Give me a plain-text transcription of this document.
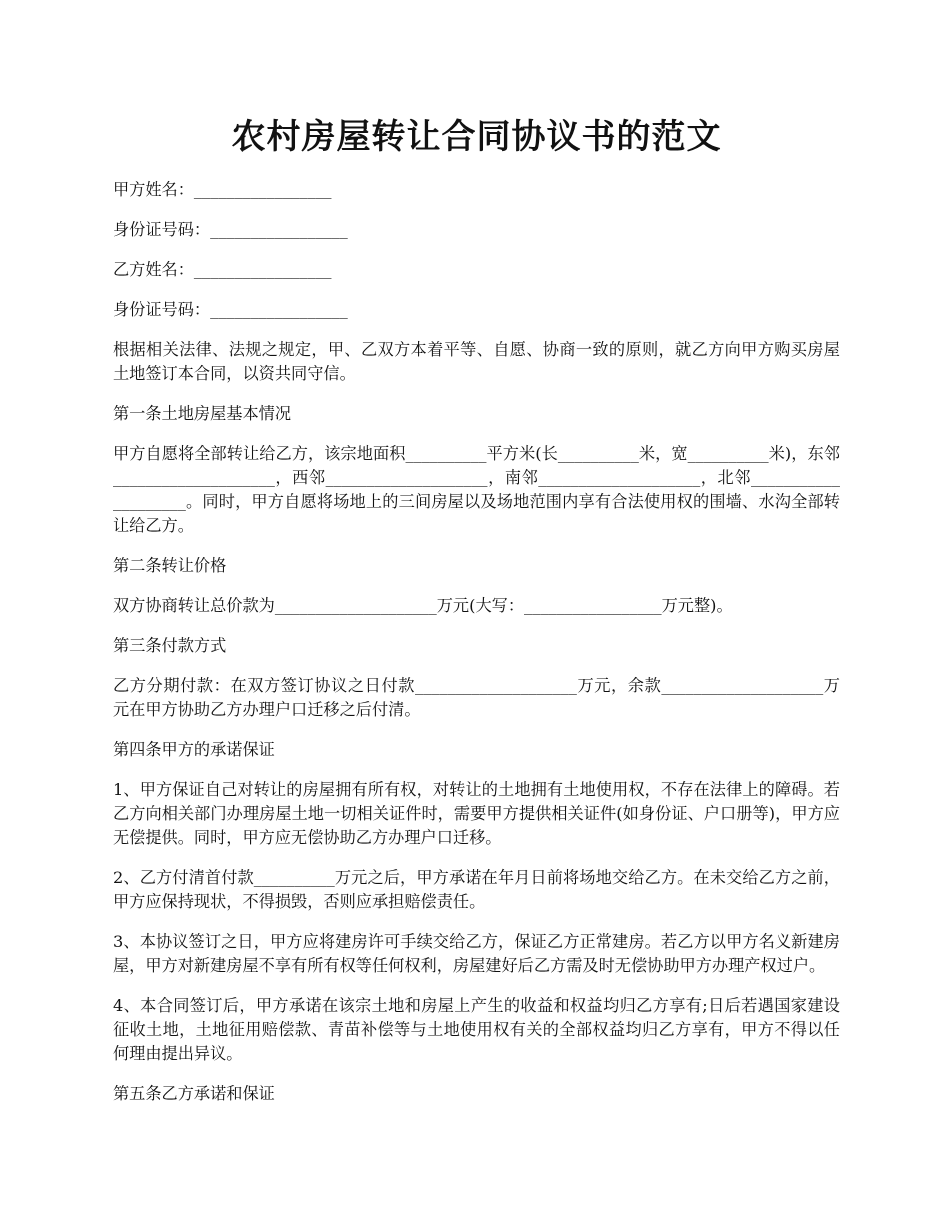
农村房屋转让合同协议书的范文

甲方姓名：_________________

身份证号码：_________________

乙方姓名：_________________

身份证号码：_________________

根据相关法律、法规之规定，甲、乙双方本着平等、自愿、协商一致的原则，就乙方向甲方购买房屋土地签订本合同，以资共同守信。

第一条土地房屋基本情况

甲方自愿将全部转让给乙方，该宗地面积__________平方米(长__________米，宽__________米)，东邻____________________，西邻____________________，南邻____________________，北邻____________________。同时，甲方自愿将场地上的三间房屋以及场地范围内享有合法使用权的围墙、水沟全部转让给乙方。

第二条转让价格

双方协商转让总价款为____________________万元(大写：_________________万元整)。

第三条付款方式

乙方分期付款：在双方签订协议之日付款____________________万元，余款____________________万元在甲方协助乙方办理户口迁移之后付清。

第四条甲方的承诺保证

1、甲方保证自己对转让的房屋拥有所有权，对转让的土地拥有土地使用权，不存在法律上的障碍。若乙方向相关部门办理房屋土地一切相关证件时，需要甲方提供相关证件(如身份证、户口册等)，甲方应无偿提供。同时，甲方应无偿协助乙方办理户口迁移。

2、乙方付清首付款__________万元之后，甲方承诺在年月日前将场地交给乙方。在未交给乙方之前，甲方应保持现状，不得损毁，否则应承担赔偿责任。

3、本协议签订之日，甲方应将建房许可手续交给乙方，保证乙方正常建房。若乙方以甲方名义新建房屋，甲方对新建房屋不享有所有权等任何权利，房屋建好后乙方需及时无偿协助甲方办理产权过户。

4、本合同签订后，甲方承诺在该宗土地和房屋上产生的收益和权益均归乙方享有;日后若遇国家建设征收土地，土地征用赔偿款、青苗补偿等与土地使用权有关的全部权益均归乙方享有，甲方不得以任何理由提出异议。

第五条乙方承诺和保证
